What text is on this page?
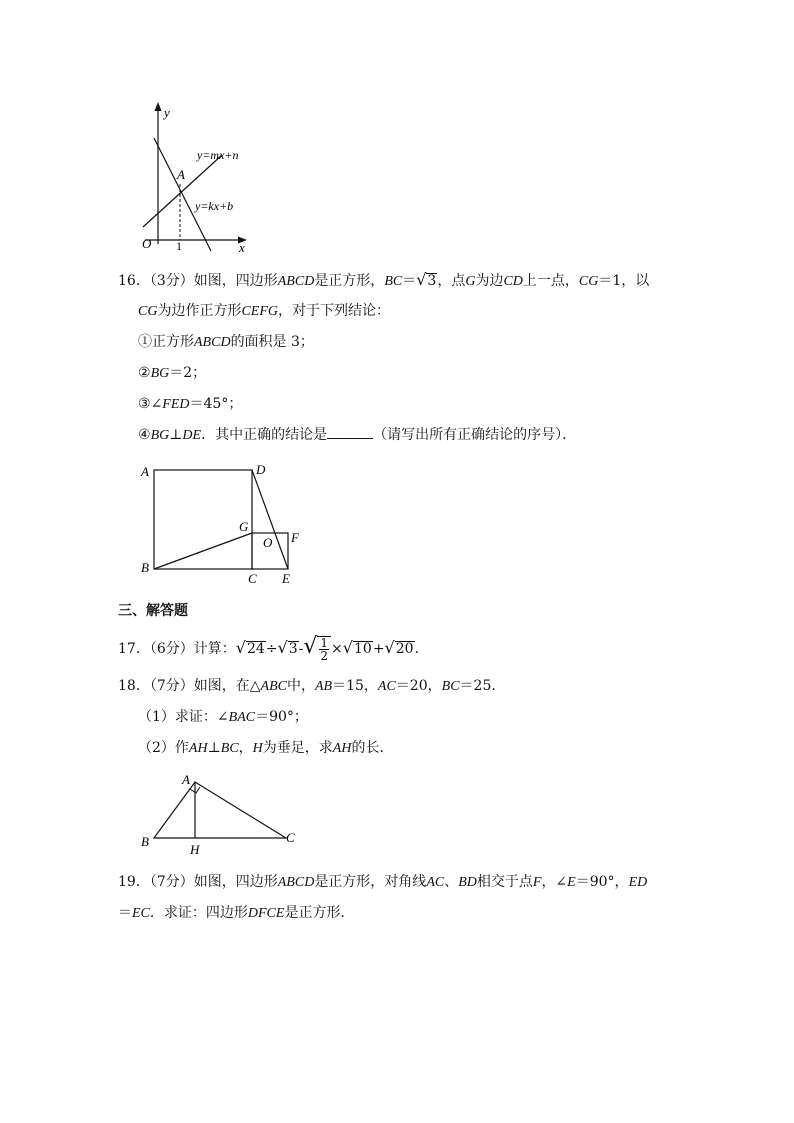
y
x
O 1
A
y=mx+n
y=kx+b
16．（3分）如图，四边形ABCD是正方形，BC＝√3，点G为边CD上一点，CG＝1，以
CG为边作正方形CEFG，对于下列结论：
①正方形ABCD的面积是 3；
②BG＝2；
③∠FED＝45°；
④BG⊥DE．其中正确的结论是	（请写出所有正确结论的序号）．
A	D
G
O F
B
C E
三、解答题
17．（6分）计算：$√24\div√3-√ \frac{1}{2} \times√10+√20$.
18．（7分）如图，在△ABC中，AB＝15，AC＝20，BC＝25．
（1）求证：∠BAC＝90°；
（2）作AH⊥BC，H为垂足，求AH的长．
A
B	C
H
19．（7分）如图，四边形ABCD是正方形，对角线AC、BD相交于点F，∠E＝90°，ED
＝EC．求证：四边形DFCE是正方形．
